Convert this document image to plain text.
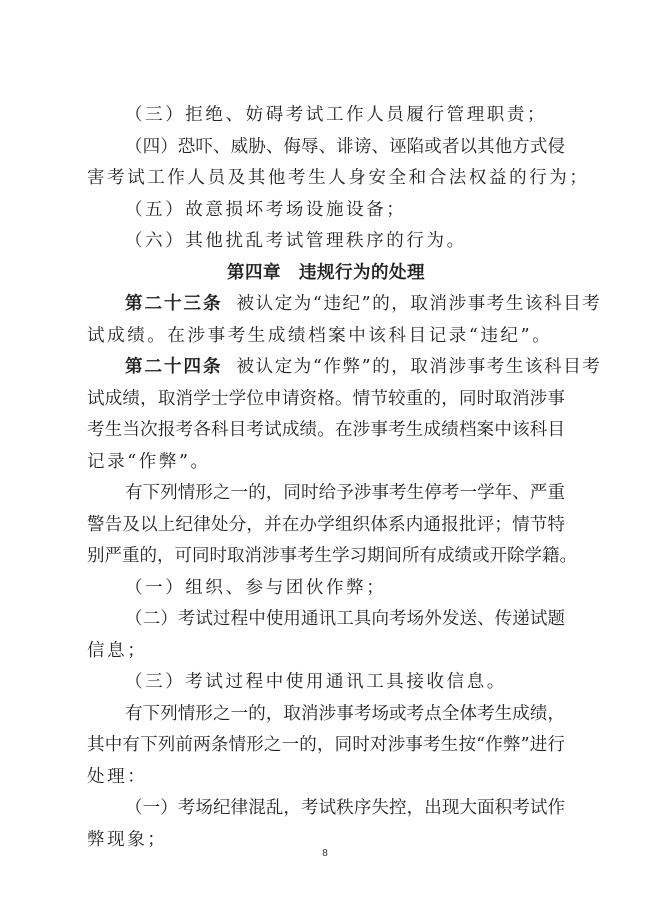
（三）拒绝、妨碍考试工作人员履行管理职责；
（四）恐吓、威胁、侮辱、诽谤、诬陷或者以其他方式侵
害考试工作人员及其他考生人身安全和合法权益的行为；
（五）故意损坏考场设施设备；
（六）其他扰乱考试管理秩序的行为。
第四章 违规行为的处理
第二十三条 被认定为“违纪”的，取消涉事考生该科目考
试成绩。在涉事考生成绩档案中该科目记录“违纪”。
第二十四条 被认定为“作弊”的，取消涉事考生该科目考
试成绩，取消学士学位申请资格。情节较重的，同时取消涉事
考生当次报考各科目考试成绩。在涉事考生成绩档案中该科目
记录“作弊”。
有下列情形之一的，同时给予涉事考生停考一学年、严重
警告及以上纪律处分，并在办学组织体系内通报批评；情节特
别严重的，可同时取消涉事考生学习期间所有成绩或开除学籍。
（一）组织、参与团伙作弊；
（二）考试过程中使用通讯工具向考场外发送、传递试题
信息；
（三）考试过程中使用通讯工具接收信息。
有下列情形之一的，取消涉事考场或考点全体考生成绩，
其中有下列前两条情形之一的，同时对涉事考生按“作弊”进行
处理：
（一）考场纪律混乱，考试秩序失控，出现大面积考试作
弊现象；
8
